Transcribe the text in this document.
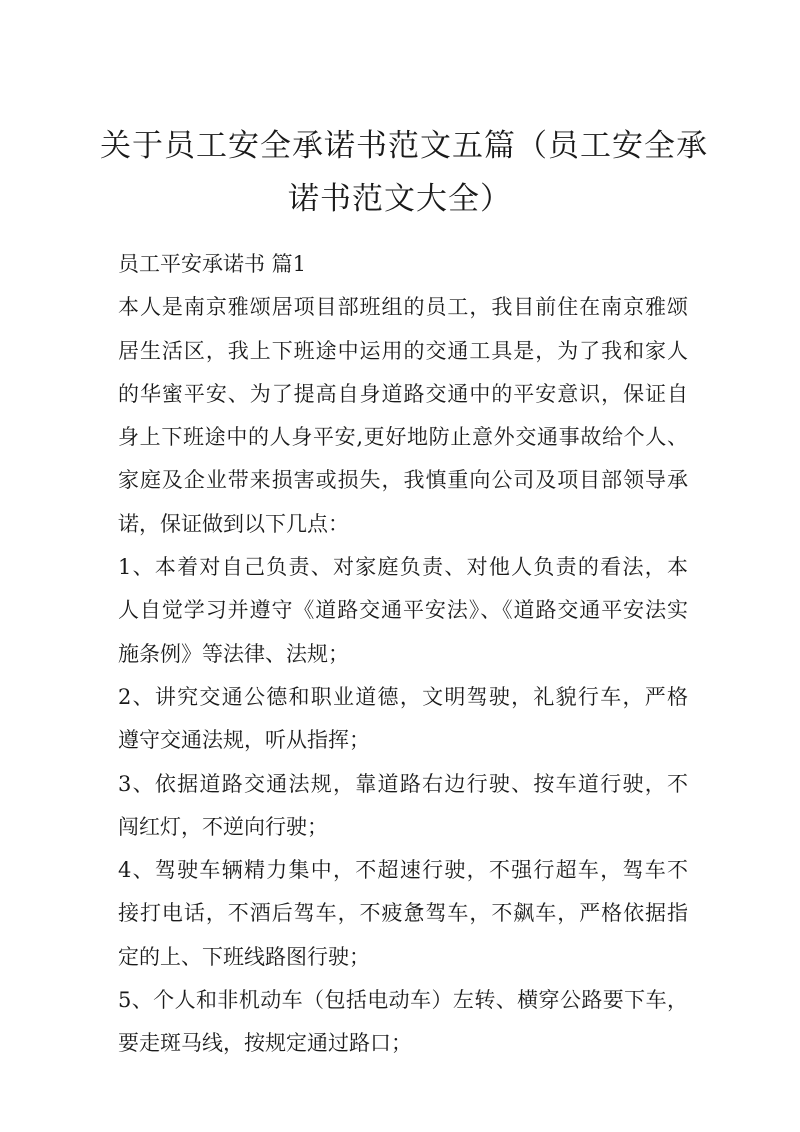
关于员工安全承诺书范文五篇（员工安全承
诺书范文大全）

员工平安承诺书 篇1

本人是南京雅颂居项目部班组的员工，我目前住在南京雅颂
居生活区，我上下班途中运用的交通工具是，为了我和家人
的华蜜平安、为了提高自身道路交通中的平安意识，保证自
身上下班途中的人身平安,更好地防止意外交通事故给个人、
家庭及企业带来损害或损失，我慎重向公司及项目部领导承
诺，保证做到以下几点：

1、本着对自己负责、对家庭负责、对他人负责的看法，本
人自觉学习并遵守《道路交通平安法》、《道路交通平安法实
施条例》等法律、法规；

2、讲究交通公德和职业道德，文明驾驶，礼貌行车，严格
遵守交通法规，听从指挥；

3、依据道路交通法规，靠道路右边行驶、按车道行驶，不
闯红灯，不逆向行驶；

4、驾驶车辆精力集中，不超速行驶，不强行超车，驾车不
接打电话，不酒后驾车，不疲惫驾车，不飙车，严格依据指
定的上、下班线路图行驶；

5、个人和非机动车（包括电动车）左转、横穿公路要下车，
要走斑马线，按规定通过路口；
